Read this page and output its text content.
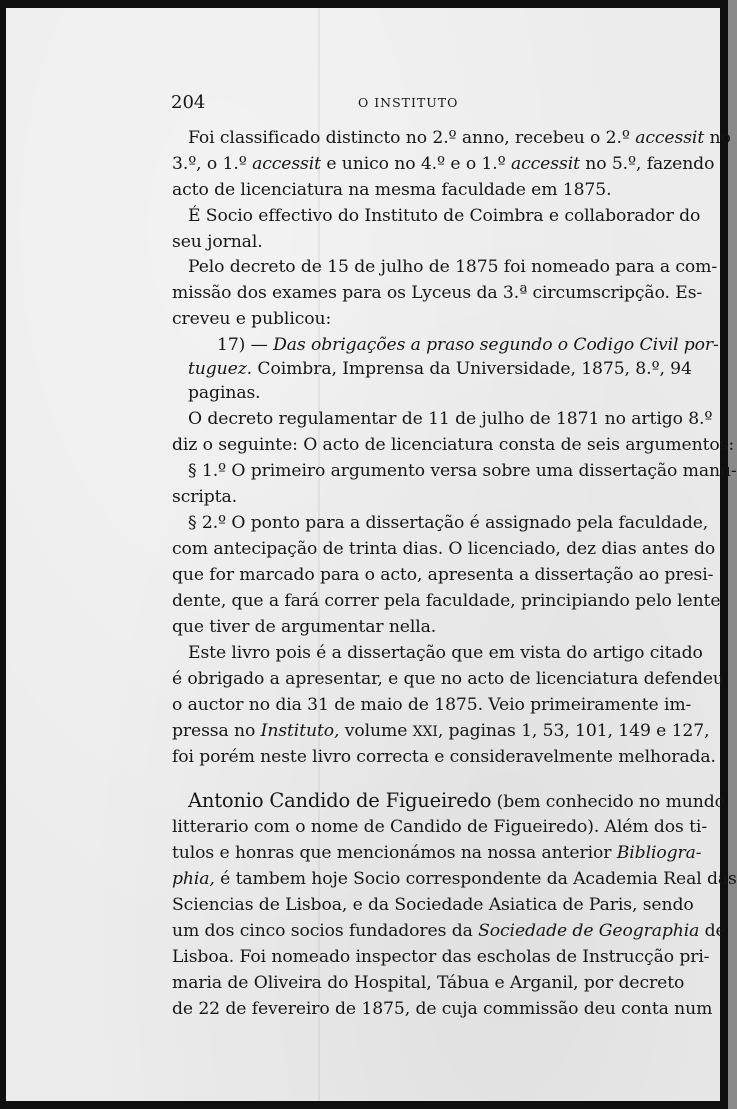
204	O INSTITUTO
Foi classificado distincto no 2.º anno, recebeu o 2.º accessit no
3.º, o 1.º accessit e unico no 4.º e o 1.º accessit no 5.º, fazendo
acto de licenciatura na mesma faculdade em 1875.
É Socio effectivo do Instituto de Coimbra e collaborador do
seu jornal.
Pelo decreto de 15 de julho de 1875 foi nomeado para a com-
missão dos exames para os Lyceus da 3.ª circumscripção. Es-
creveu e publicou:
17) — Das obrigações a praso segundo o Codigo Civil por-
tuguez. Coimbra, Imprensa da Universidade, 1875, 8.º, 94
paginas.
O decreto regulamentar de 11 de julho de 1871 no artigo 8.º
diz o seguinte: O acto de licenciatura consta de seis argumentos:
§ 1.º O primeiro argumento versa sobre uma dissertação manu-
scripta.
§ 2.º O ponto para a dissertação é assignado pela faculdade,
com antecipação de trinta dias. O licenciado, dez dias antes do
que for marcado para o acto, apresenta a dissertação ao presi-
dente, que a fará correr pela faculdade, principiando pelo lente
que tiver de argumentar nella.
Este livro pois é a dissertação que em vista do artigo citado
é obrigado a apresentar, e que no acto de licenciatura defendeu
o auctor no dia 31 de maio de 1875. Veio primeiramente im-
pressa no Instituto, volume XXI, paginas 1, 53, 101, 149 e 127,
foi porém neste livro correcta e consideravelmente melhorada.
Antonio Candido de Figueiredo (bem conhecido no mundo
litterario com o nome de Candido de Figueiredo). Além dos ti-
tulos e honras que mencionámos na nossa anterior Bibliogra-
phia, é tambem hoje Socio correspondente da Academia Real das
Sciencias de Lisboa, e da Sociedade Asiatica de Paris, sendo
um dos cinco socios fundadores da Sociedade de Geographia de
Lisboa. Foi nomeado inspector das escholas de Instrucção pri-
maria de Oliveira do Hospital, Tábua e Arganil, por decreto
de 22 de fevereiro de 1875, de cuja commissão deu conta num
